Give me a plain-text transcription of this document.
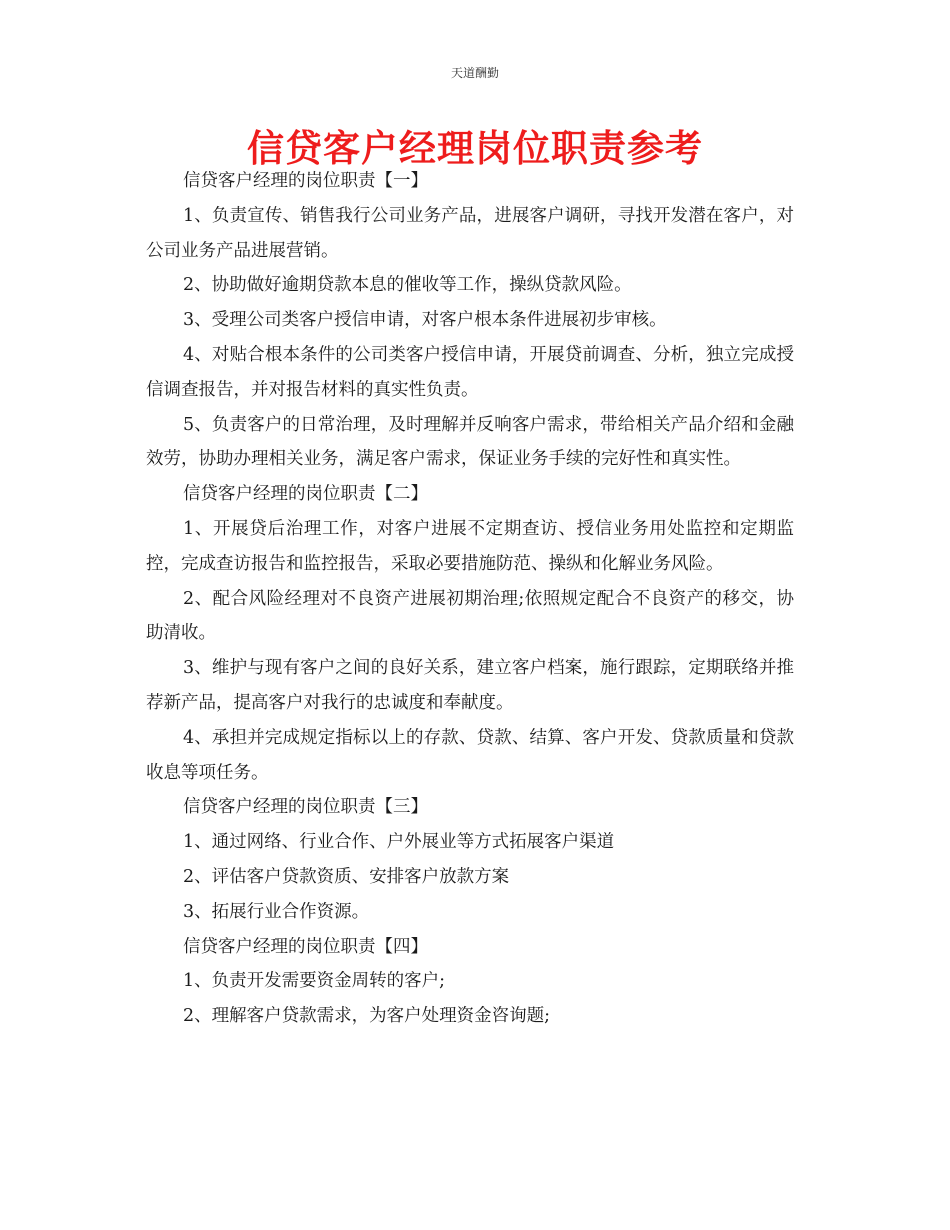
天道酬勤
信贷客户经理岗位职责参考

信贷客户经理的岗位职责【一】

1、负责宣传、销售我行公司业务产品，进展客户调研，寻找开发潜在客户，对公司业务产品进展营销。

2、协助做好逾期贷款本息的催收等工作，操纵贷款风险。

3、受理公司类客户授信申请，对客户根本条件进展初步审核。

4、对贴合根本条件的公司类客户授信申请，开展贷前调查、分析，独立完成授信调查报告，并对报告材料的真实性负责。

5、负责客户的日常治理，及时理解并反响客户需求，带给相关产品介绍和金融效劳，协助办理相关业务，满足客户需求，保证业务手续的完好性和真实性。

信贷客户经理的岗位职责【二】

1、开展贷后治理工作，对客户进展不定期查访、授信业务用处监控和定期监控，完成查访报告和监控报告，采取必要措施防范、操纵和化解业务风险。

2、配合风险经理对不良资产进展初期治理;依照规定配合不良资产的移交，协助清收。

3、维护与现有客户之间的良好关系，建立客户档案，施行跟踪，定期联络并推荐新产品，提高客户对我行的忠诚度和奉献度。

4、承担并完成规定指标以上的存款、贷款、结算、客户开发、贷款质量和贷款收息等项任务。

信贷客户经理的岗位职责【三】

1、通过网络、行业合作、户外展业等方式拓展客户渠道

2、评估客户贷款资质、安排客户放款方案

3、拓展行业合作资源。

信贷客户经理的岗位职责【四】

1、负责开发需要资金周转的客户;

2、理解客户贷款需求，为客户处理资金咨询题;
